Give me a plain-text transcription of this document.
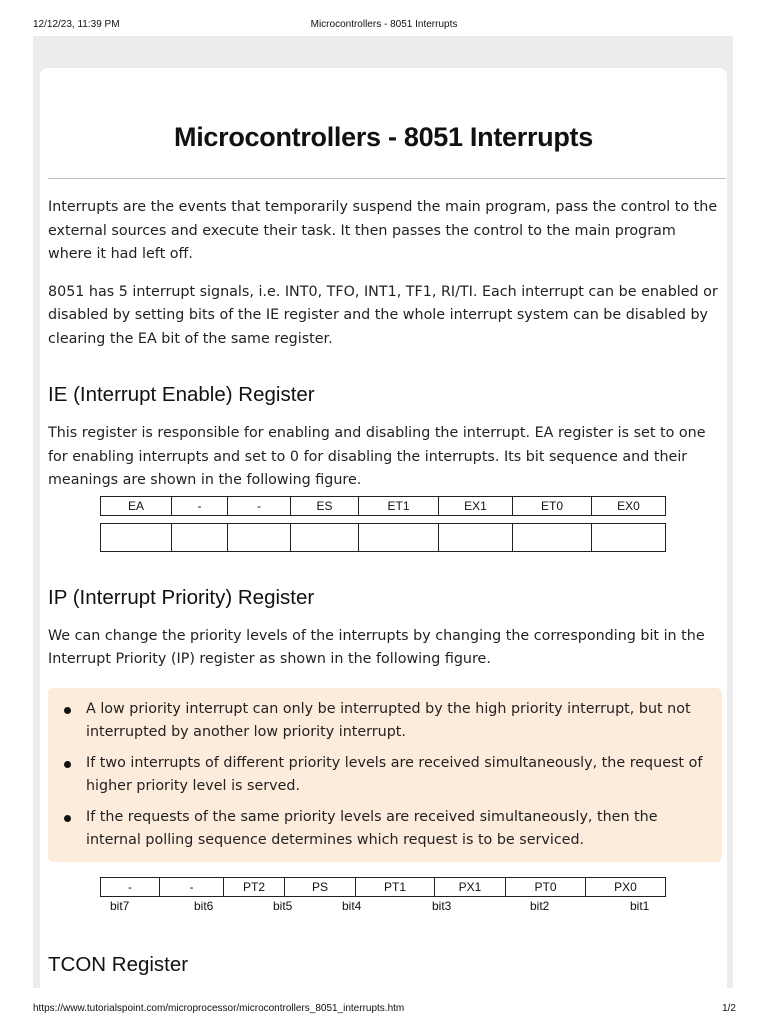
12/12/23, 11:39 PM	Microcontrollers - 8051 Interrupts
Microcontrollers - 8051 Interrupts

Interrupts are the events that temporarily suspend the main program, pass the control to the external sources and execute their task. It then passes the control to the main program where it had left off.

8051 has 5 interrupt signals, i.e. INT0, TFO, INT1, TF1, RI/TI. Each interrupt can be enabled or disabled by setting bits of the IE register and the whole interrupt system can be disabled by clearing the EA bit of the same register.

IE (Interrupt Enable) Register

This register is responsible for enabling and disabling the interrupt. EA register is set to one for enabling interrupts and set to 0 for disabling the interrupts. Its bit sequence and their meanings are shown in the following figure.

EA	-	-	ES	ET1	EX1	ET0	EX0

IP (Interrupt Priority) Register

We can change the priority levels of the interrupts by changing the corresponding bit in the Interrupt Priority (IP) register as shown in the following figure.

A low priority interrupt can only be interrupted by the high priority interrupt, but not interrupted by another low priority interrupt.
If two interrupts of different priority levels are received simultaneously, the request of higher priority level is served.
If the requests of the same priority levels are received simultaneously, then the internal polling sequence determines which request is to be serviced.
-	-	PT2	PS	PT1	PX1	PT0	PX0
bit7	bit6	bit5	bit4	bit3	bit2	bit1
TCON Register
https://www.tutorialspoint.com/microprocessor/microcontrollers_8051_interrupts.htm	1/2
